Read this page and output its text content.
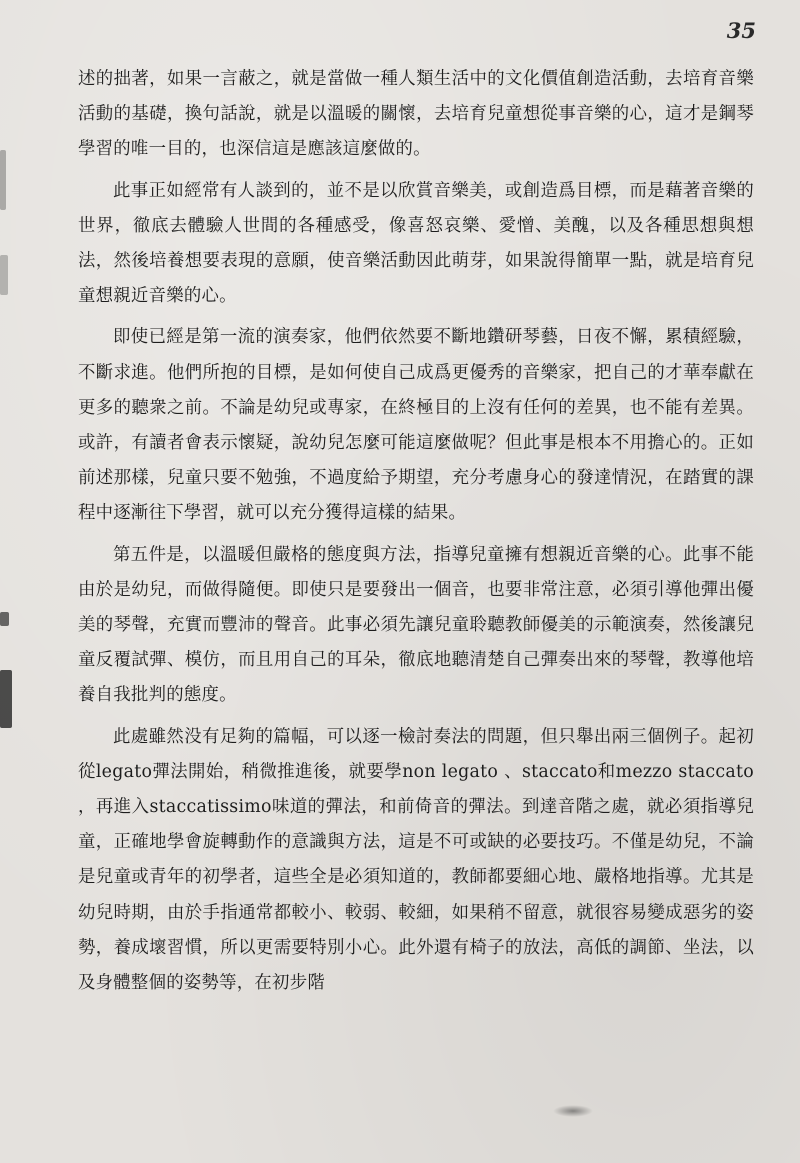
35

述的拙著，如果一言蔽之，就是當做一種人類生活中的文化價值創造活動，去培育音樂活動的基礎，換句話說，就是以溫暖的關懷，去培育兒童想從事音樂的心，這才是鋼琴學習的唯一目的，也深信這是應該這麼做的。

此事正如經常有人談到的，並不是以欣賞音樂美，或創造爲目標，而是藉著音樂的世界，徹底去體驗人世間的各種感受，像喜怒哀樂、愛憎、美醜，以及各種思想與想法，然後培養想要表現的意願，使音樂活動因此萌芽，如果說得簡單一點，就是培育兒童想親近音樂的心。

即使已經是第一流的演奏家，他們依然要不斷地鑽研琴藝，日夜不懈，累積經驗，不斷求進。他們所抱的目標，是如何使自己成爲更優秀的音樂家，把自己的才華奉獻在更多的聽衆之前。不論是幼兒或專家，在終極目的上沒有任何的差異，也不能有差異。或許，有讀者會表示懷疑，說幼兒怎麼可能這麼做呢？但此事是根本不用擔心的。正如前述那樣，兒童只要不勉強，不過度給予期望，充分考慮身心的發達情況，在踏實的課程中逐漸往下學習，就可以充分獲得這樣的結果。

第五件是，以溫暖但嚴格的態度與方法，指導兒童擁有想親近音樂的心。此事不能由於是幼兒，而做得隨便。即使只是要發出一個音，也要非常注意，必須引導他彈出優美的琴聲，充實而豐沛的聲音。此事必須先讓兒童聆聽教師優美的示範演奏，然後讓兒童反覆試彈、模仿，而且用自己的耳朵，徹底地聽清楚自己彈奏出來的琴聲，教導他培養自我批判的態度。

此處雖然没有足夠的篇幅，可以逐一檢討奏法的問題，但只舉出兩三個例子。起初從legato彈法開始，稍微推進後，就要學non legato 、staccato和mezzo staccato ，再進入staccatissimo味道的彈法，和前倚音的彈法。到達音階之處，就必須指導兒童，正確地學會旋轉動作的意識與方法，這是不可或缺的必要技巧。不僅是幼兒，不論是兒童或青年的初學者，這些全是必須知道的，教師都要細心地、嚴格地指導。尤其是幼兒時期，由於手指通常都較小、較弱、較細，如果稍不留意，就很容易變成惡劣的姿勢，養成壞習慣，所以更需要特別小心。此外還有椅子的放法，高低的調節、坐法，以及身體整個的姿勢等，在初步階
